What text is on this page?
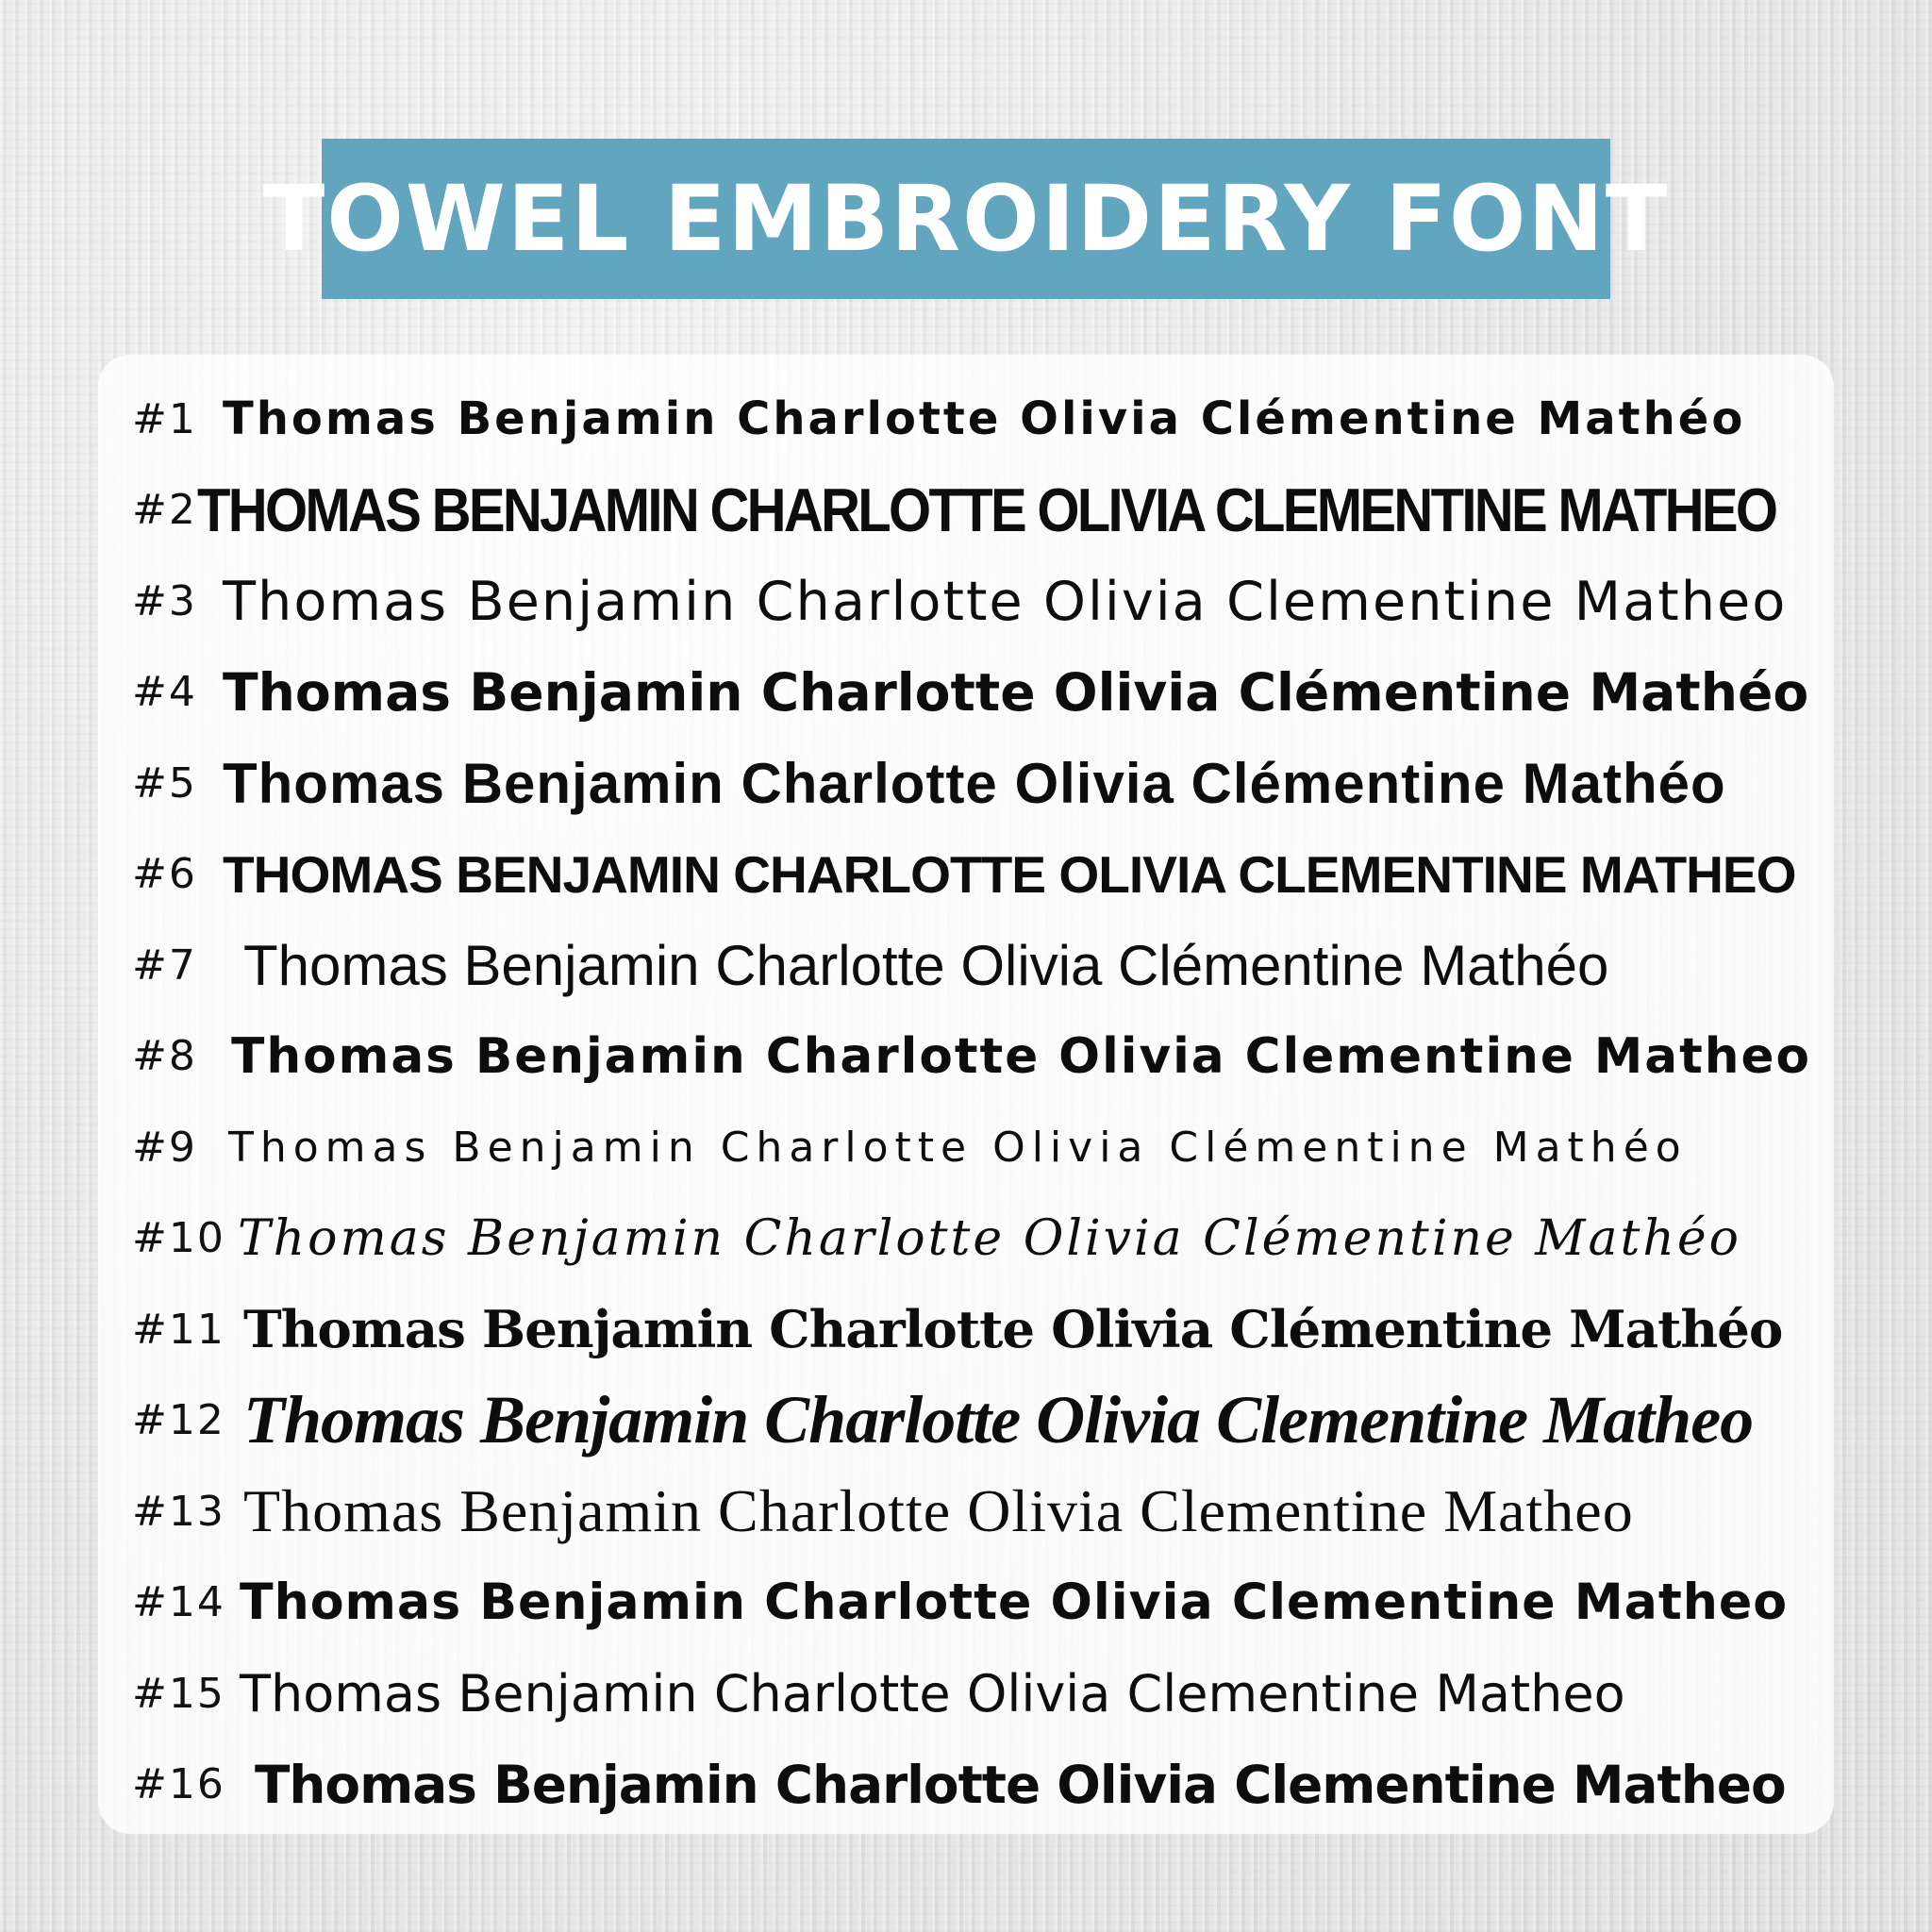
TOWEL EMBROIDERY FONT
#1 Thomas Benjamin Charlotte Olivia Clémentine Mathéo
#2 THOMAS BENJAMIN CHARLOTTE OLIVIA CLEMENTINE MATHEO
#3 Thomas Benjamin Charlotte Olivia Clementine Matheo
#4 Thomas Benjamin Charlotte Olivia Clémentine Mathéo
#5 Thomas Benjamin Charlotte Olivia Clémentine Mathéo
#6 THOMAS BENJAMIN CHARLOTTE OLIVIA CLEMENTINE MATHEO
#7 Thomas Benjamin Charlotte Olivia Clémentine Mathéo
#8 Thomas Benjamin Charlotte Olivia Clementine Matheo
#9 Thomas Benjamin Charlotte Olivia Clémentine Mathéo
#10 Thomas Benjamin Charlotte Olivia Clémentine Mathéo
#11 Thomas Benjamin Charlotte Olivia Clémentine Mathéo
#12 Thomas Benjamin Charlotte Olivia Clementine Matheo
#13 Thomas Benjamin Charlotte Olivia Clementine Matheo
#14 Thomas Benjamin Charlotte Olivia Clementine Matheo
#15 Thomas Benjamin Charlotte Olivia Clementine Matheo
#16 Thomas Benjamin Charlotte Olivia Clementine Matheo
